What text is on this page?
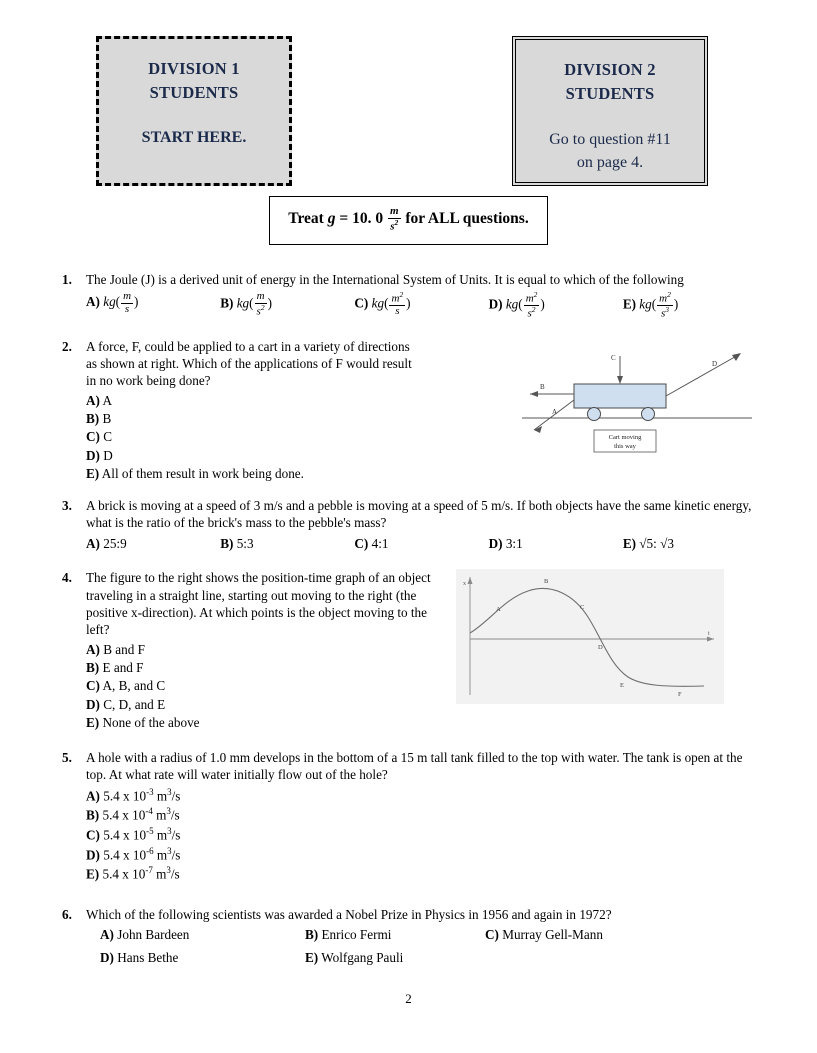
DIVISION 1
STUDENTS
START HERE.
DIVISION 2
STUDENTS
Go to question #11
on page 4.
Treat g = 10. $0 \frac{m}{s^2}$ for ALL questions.
1. The Joule (J) is a derived unit of energy in the International System of Units. It is equal to which of the following
A) $kg( \frac{m}{s}$ )	B) $kg( \frac{m}{s^2}$ )	C) $kg( \frac{m^2}{s}$ )	D) $kg( \frac{m^2}{s^2}$ )	E) $kg( \frac{m^2}{s^3}$ )
2. A force, F, could be applied to a cart in a variety of directions
as shown at right. Which of the applications of F would result
in no work being done?
A) A
B) B
C) C
D) D
E) All of them result in work being done.
A
B
C
D
Cart moving
this way
3. A brick is moving at a speed of 3 m/s and a pebble is moving at a speed of 5 m/s. If both objects have the same kinetic energy, what is the ratio of the brick's mass to the pebble's mass?
A) 25:9	B) 5:3	C) 4:1	D) 3:1	E) √5: √3
4. The figure to the right shows the position-time graph of an object traveling in a straight line, starting out moving to the right (the positive x-direction). At which points is the object moving to the left?
A) B and F
B) E and F
C) A, B, and C
D) C, D, and E
E) None of the above
x
t
A
B
C
D
E
F
5. A hole with a radius of 1.0 mm develops in the bottom of a 15 m tall tank filled to the top with water. The tank is open at the top. At what rate will water initially flow out of the hole?
A) 5.4 x $10^{-3}$ $m^3/s$
B) 5.4 x $10^{-4}$ $m^3/s$
C) 5.4 x $10^{-5}$ $m^3/s$
D) 5.4 x $10^{-6}$ $m^3/s$
E) 5.4 x $10^{-7}$ $m^3/s$
6. Which of the following scientists was awarded a Nobel Prize in Physics in 1956 and again in 1972?
A) John Bardeen	B) Enrico Fermi	C) Murray Gell-Mann
D) Hans Bethe	E) Wolfgang Pauli
2
